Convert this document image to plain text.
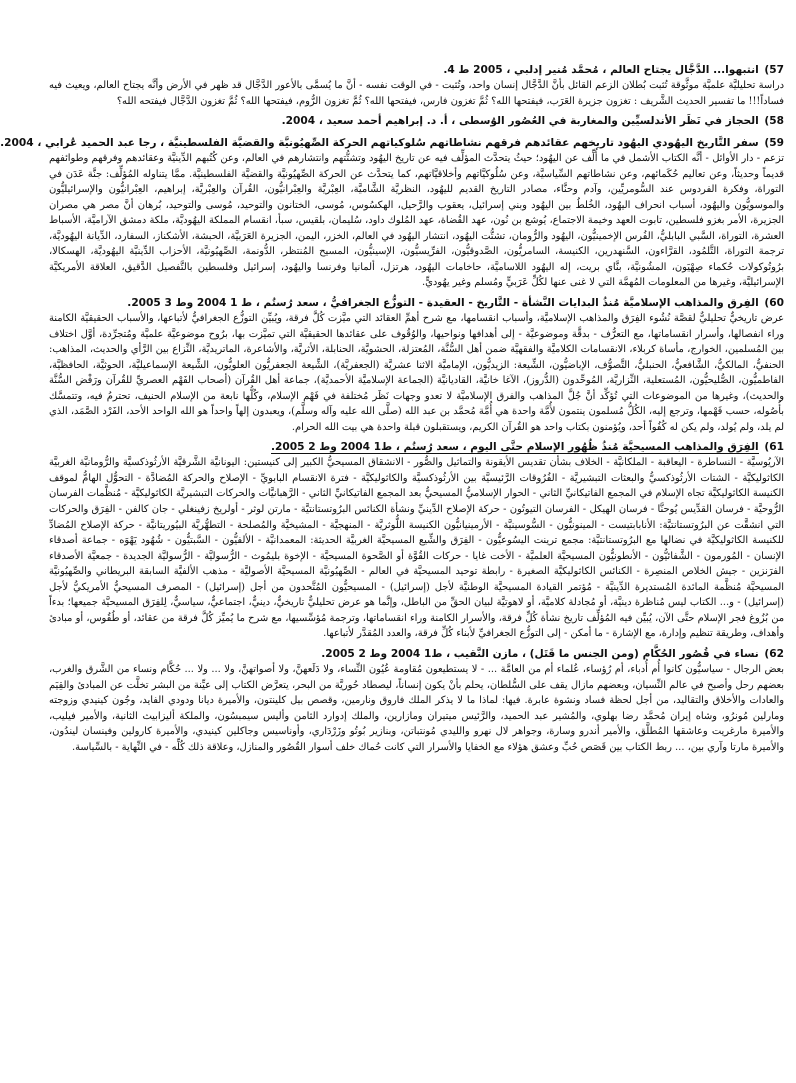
57) انتبهوا... الدَّجَّال يجتاح العالم ، مُحمَّد مُنير إدلبي ، 2005 ط 4.

دراسة تحليليَّة علميَّة موثَّوقة تُثبت بُطلان الزعم القائل بأنَّ الدَّجَّال إنسان واحد، وتُثبت - في الوقت نفسه - أنَّ ما يُسمَّى بالأعور الدَّجَّال قد ظهر في الأرض وأنَّه يجتاح العالم، ويعيث فيه فساداً!!! ما تفسير الحديث الشَّريف : تغزون جزيرة العَرَب، فيفتحها الله؟ ثُمَّ تغزون فارس، فيفتحها الله؟ ثُمَّ تغزون الرُّوم، فيفتحها الله؟ ثُمَّ تغزون الدَّجَّال فيفتحه الله؟

58) الحجاز في نَظَر الأندلسيِّين والمغاربة في العُصُور الوُسطى ، أ. د. إبراهيم أحمد سعيد ، 2004.

59) سفر التَّاريخ اليهُودي اليهُود تاريخهم عقائدهم فرقهم نشاطاتهم سُلوكياتهم الحركة الصِّهيُونيَّة والقضيَّة الفلسطينيَّة ، رجا عبد الحميد عُرابي ، 2004.

تزعم - دار الأوائل - أنَّه الكتاب الأشمل في ما أُلِّف عن اليهُود؛ حيثُ يتحدَّث المؤلِّف فيه عن تاريخ اليهُود وتشتُّتهم وانتشارهم في العالم، وعن كُتُبهم الدِّينيَّة وعقائدهم وفرقهم وطوائفهم قديماً وحديثاً، وعن تعاليم حُكَمائهم، وعن نشاطاتهم السِّياسيَّة، وعن سُلُوكيَّاتهم وأخلاقيَّاتهم، كما يتحدَّث عن الحركة الصِّهيُونيَّة والقضيَّة الفلسطينيَّة. ممَّا يتناوله المُؤلِّف: جنَّة عَدَن في التوراة، وفكرة الفردوس عند السُّومريِّين، وآدم وحنَّاء، مصادر التاريخ القديم لليهُود، النظريَّة الشَّاميَّة، العِبْريَّة والعِبْرانيُّون، القُرآن والعِبْريَّة، إبراهيم، العِبْرانيُّون والإسرائيليُّون والموسويُّون واليهُود، أسباب انحراف اليهُود، الخُلطُ بين اليهُود وبني إسرائيل، يعقوب والرَّحيل، الهكسُوس، مُوسى، الختانون والتوحيد، مُوسى والتوحيد، بُرهان أنَّ مصر هي مصران الجزيرة، الأمر بغزو فلسطين، تابوت العهد وخيمة الاجتماع، يُوشع بن نُون، عهد القُضاة، عهد المُلوك داود، سُليمان، بلقيس، سبأ، انقسام المملكة اليهُوديَّة، ملكة دمشق الآراميَّة، الأسباط العشرة، التوراة، السَّبي البابليُّ، الفُرس الإخمينيُّون، اليهُود والرُّومان، تشتُّت اليهُود، انتشار اليهُود في العالم، الخزر، اليمن، الجزيرة العَرَبيَّة، الحبشة، الأشكناز، السفارد، الدِّيانة اليهُوديَّة، ترجمة التوراة، التَّلمُود، القرَّاءون، السَّنهدرين، الكنيسة، السامريُّون، الصَّدوقيُّون، الفرِّيسيُّون، الإسينيُّون، المسيح المُنتظر، الدُّونمة، الصِّهيُونيَّة، الأحزاب الدِّينيَّة اليهُوديَّة، الهسكالا، برُوتُوكولات حُكماء صِهْيَون، المشُونيَّة، بنَّاي بريت، إله اليهُود اللاساميَّة، حاخامات اليهُود، هرتزل، ألمانيا وفرنسا واليهُود، إسرائيل وفلسطين بالتَّفصيل الدَّقيق، العلاقة الأمريكيَّة الإسرائيليَّة، وغيرها من المعلومات المُهمَّة التي لا غنى عنها لكُلِّ عَرَبيٍّ ومُسلم وغير يهُوديٍّ.

60) الفِرق والمذاهب الإسلاميَّة مُنذُ البدايات النَّشأة - التَّاريخ - العقيدة - التوزُّع الجغرافيُّ ، سعد رُستُم ، ط 1 2004 وط 3 2005.

عرض تاريخيٌّ تحليليٌّ لقصَّة نُشُوء الفِرَق والمذاهب الإسلاميَّة، وأسباب انقسامها، مع شرح أهمِّ العقائد التي ميَّزت كُلَّ فرقة، ويُبيِّن التوزُّع الجغرافيُّ لأتباعها، والأسباب الحقيقيَّة الكامنة وراء انفصالها، وأسرار انقساماتها، مع التعرُّف - بدقَّة وموضوعيَّة - إلى أهدافها ونواحيها، والوُقُوف على عقائدها الحقيقيَّة التي تميَّزت بها، برُوح موضوعيَّة علميَّة ومُتجرِّدة، أوَّل اختلاف بين المُسلمين، الخوارج، مأساة كربلاء، الانقسامات الكلاميَّة والفقهيَّة ضمن أهل السُّنَّة، المُعتزلة، الحشويَّة، الحنابلة، الأثريَّة، والأشاعرة، الماتريديَّة، النِّزاع بين الرَّأي والحديث، المذاهب: الحنفيُّ، المالكيُّ، الشَّافعيُّ، الحنبليُّ، التَّصوُّف، الإباضيُّون، الشِّيعة: الزيديُّون، الإماميَّة الاثنا عشريَّة (الجعفريَّة)، الشِّيعة الجعفريُّون العلويُّون، الشِّيعة الإسماعيليَّة، الحوثيَّة، الحافظيَّة، الفاطميُّون، الصُّليحيُّون، المُستعلية، النِّزاريَّة، المُوحِّدون (الدُّروز)، الآغا خانيَّة، القاديانيَّة (الجماعة الإسلاميَّة الأحمديَّة)، جماعة أهل القُرآن (أصحاب الفَهْم العصريِّ للقُرآن ورَفْض السُّنَّة والحديث)، وغيرها من الموضوعات التي تُؤكِّد أنَّ جُلَّ المذاهب والفرق الإسلاميَّة لا تعدو وجهات نَظَر مُختلفة في فَهْم الإسلام، وكُلُّها نابعة من الإسلام الحنيف، تحترمُ فيه، وتتمسَّك بأُصُوله، حسب فَهْمها، وترجع إليه، الكُلُّ مُسلمون ينتمون لأُمَّة واحدة هي أُمَّة مُحمَّد بن عبد الله (صلَّى الله عليه وآله وسلَّم)، ويعبدون إلهاً واحداً هو الله الواحد الأحد، الفَرْد الصَّمَد، الذي لم يلد، ولم يُولد، ولم يكن له كُفُواً أحد، ويُؤمنون بكتاب واحد هو القُرآن الكريم، ويستقبلون قبلة واحدة هي بيت الله الحرام.

61) الفِرَق والمذاهب المسيحيَّة مُنذُ ظُهُور الإسلام حتَّى اليوم ، سعد رُستُم ، ط1 2004 وط 2 2005.

الآريُوسيَّة - النساطرة - اليعاقبة - الملكانيَّة - الخلاف بشأن تقديس الأيقونة والتماثيل والصُّور - الانشقاق المسيحيُّ الكبير إلى كنيستين: اليونانيَّة الشَّرقيَّة الأرثُوذكسيَّة والرُّومانيَّة الغربيَّة الكاثوليكيَّة - الشتات الأرثُوذكسيُّ والبعثات التبشيريَّة - الفُرُوقات الرَّئيسيَّة بين الأرثُوذكسيَّة والكاثوليكيَّة - فترة الانقسام البابويِّ - الإصلاح والحركة المُضادَّة - التحوُّل الهامُّ لموقف الكنيسة الكاثوليكيَّة تجاه الإسلام في المجمع الفاتيكانيِّ الثاني - الحوار الإسلاميُّ المسيحيُّ بعد المجمع الفاتيكانيِّ الثاني - الرَّهبانيَّات والحركات التبشيريَّة الكاثوليكيَّة - مُنظَّمات الفرسان الرُّوحيَّة - فرسان القدِّيس يُوحنَّا - فرسان الهيكل - الفرسان التيوتُون - حركة الإصلاح الدِّينيِّ ونشأة الكنائس البرُوتستانتيَّة - مارتن لوثر - أولريخ زفينغلي - جان كالفن - الفِرَق والحركات التي انشقَّت عن البرُوتستانتيَّة: الأنابابتيست - المينونيُّون - السُّوسينيَّة - الأرمينيانيُّون الكنيسة اللُّوثريَّة - المنهجيَّة - المشيخيَّة والمُصلحة - التطهُّريَّة البيُوريتانيَّة - حركة الإصلاح المُضادِّ للكنيسة الكاثوليكيَّة في نضالها مع البرُوتستانتيَّة: مجمع ترينت اليسُوعيُّون - الفِرَق والشِّيع المسيحيَّة الغربيَّة الحديثة: المعمدانيَّة - الألفيُّون - السَّبتيُّون - شُهُود يَهْوَه - جماعة أصدقاء الإنسان - المُورمون - الشَّفائيُّون - الأنطونيُّون المسيحيَّة العلميَّة - الأخت غايا - حركات القُوَّة أو الصَّحوة المسيحيَّة - الإخوة بليمُوث - الرُّسوليَّة - الرُّسوليَّة الجديدة - جمعيَّة الأصدقاء الفرَنزين - جيش الخلاص المنصِرة - الكنائس الكاثوليكيَّة الصغيرة - رابطة توحيد المسيحيَّة في العالم - الصِّهيُونيَّة المسيحيَّة الأصوليَّة - مذهب الألفيَّة السابقة البريطاني والصِّهيُونيَّة المسيحيَّة مُنظَّمة المائدة المُستديرة الدِّينيَّة - مُؤتمر القيادة المسيحيَّة الوطنيَّة لأجل (إسرائيل) - المسيحيُّون المُتَّحدون من أجل (إسرائيل) - المصرف المسيحيُّ الأمريكيُّ لأجل (إسرائيل) - و... الكتاب ليس مُناظرة دينيَّة، أو مُجادلة كلاميَّة، أو لاهوتيَّة لبيان الحقِّ من الباطل، وإنَّما هو عرض تحليليٌّ تاريخيٌّ، دينيٌّ، اجتماعيٌّ، سياسيٌّ، لِلفِرَق المسيحيَّة جميعها؛ بدءاً من بُزُوغ فجر الإسلام حتَّى الآن، يُبيِّن فيه المُؤلِّف تاريخ نشأة كُلِّ فرقة، والأسرار الكامنة وراء انقساماتها، وترجمة مُؤسِّسيها، مع شرح ما يُميِّز كُلَّ فرقة من عقائد، أو طُقُوس، أو مبادئ وأهداف، وطريقة تنظيم وإدارة، مع الإشارة - ما أمكن - إلى التوزُّع الجغرافيِّ لأبناء كُلِّ فرقة، والعدد المُقدَّر لأتباعها.

62) نساء في قُصُور الحُكَّام (ومن الجنس ما قَتَل) ، مازن النَّقيب ، ط1 2004 وط 2 2005.

بعض الرجال - سياسيُّون كانوا أُم أُدباء، أم رُؤساء، عُلماء أم من العامَّة ... - لا يستطيعون مُقاومة عُيُون النِّساء، ولا دَلَعهنَّ، ولا أصواتهنَّ، ولا ... ولا ... حُكَّام ونساء من الشَّرق والغرب، بعضهم رحل وأصبح في عالم النِّسيان، وبعضهم مازال يقف على السُّلطان، يحلم بأنْ يكون إنساناً، ليصطاد حُوريَّة من البحر، يتعرَّض الكتاب إلى عيِّنة من البشر تخلَّت عن المبادئ والقِيَم والعادات والأخلاق والتقاليد، من أجل لحظة فساد ونشوة عابرة. فيها: لماذا ما لا يذكر الملك فاروق ونارمين، وقصص بيل كلينتون، والأميرة ديانا ودودي الفايد، وجُون كينيدي وزوجته ومارلين مُونرُو، وشاه إيران مُحمَّد رضا بهلوي، والمُشير عبد الحميد، والرَّئيس ميتيران ومازارين، والملك إدوارد الثامن وأليس سيمبسُون، والملكة أليزابيث الثانية، والأمير فيليب، والأميرة مارغريت وعاشقها المُطلَّق، والأمير أندرو وسارة، وجواهر لال نهرو والليدي مُونتباتن، وبنازير بُوتُو وزَرْدَاري، وأوناسيس وجاكلين كينيدي، والأميرة كارولين وفينسان ليندُون، والأميرة مارتا وآري بين، ... ربط الكتاب بين قَصَص حُبِّ وعشق هؤلاء مع الخفايا والأسرار التي كانت حُماك خلف أسوار القُصُور والمنازل، وعلاقة ذلك كُلِّه - في النِّهاية - بالسِّياسة.
